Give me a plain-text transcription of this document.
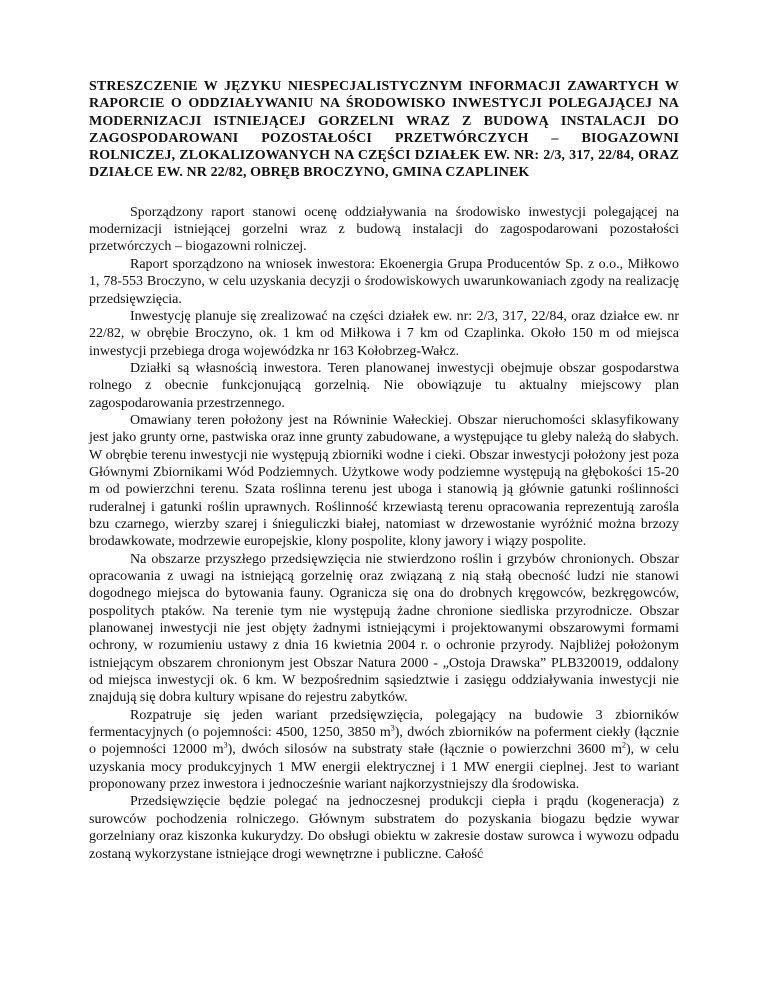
STRESZCZENIE W JĘZYKU NIESPECJALISTYCZNYM INFORMACJI ZAWARTYCH W RAPORCIE O ODDZIAŁYWANIU NA ŚRODOWISKO INWESTYCJI POLEGAJĄCEJ NA MODERNIZACJI ISTNIEJĄCEJ GORZELNI WRAZ Z BUDOWĄ INSTALACJI DO ZAGOSPODAROWANI POZOSTAŁOŚCI PRZETWÓRCZYCH – BIOGAZOWNI ROLNICZEJ, ZLOKALIZOWANYCH NA CZĘŚCI DZIAŁEK EW. NR: 2/3, 317, 22/84, ORAZ DZIAŁCE EW. NR 22/82, OBRĘB BROCZYNO, GMINA CZAPLINEK

Sporządzony raport stanowi ocenę oddziaływania na środowisko inwestycji polegającej na modernizacji istniejącej gorzelni wraz z budową instalacji do zagospodarowani pozostałości przetwórczych – biogazowni rolniczej.

Raport sporządzono na wniosek inwestora: Ekoenergia Grupa Producentów Sp. z o.o., Miłkowo 1, 78-553 Broczyno, w celu uzyskania decyzji o środowiskowych uwarunkowaniach zgody na realizację przedsięwzięcia.

Inwestycję planuje się zrealizować na części działek ew. nr: 2/3, 317, 22/84, oraz działce ew. nr 22/82, w obrębie Broczyno, ok. 1 km od Miłkowa i 7 km od Czaplinka. Około 150 m od miejsca inwestycji przebiega droga wojewódzka nr 163 Kołobrzeg-Wałcz.

Działki są własnością inwestora. Teren planowanej inwestycji obejmuje obszar gospodarstwa rolnego z obecnie funkcjonującą gorzelnią. Nie obowiązuje tu aktualny miejscowy plan zagospodarowania przestrzennego.

Omawiany teren położony jest na Równinie Wałeckiej. Obszar nieruchomości sklasyfikowany jest jako grunty orne, pastwiska oraz inne grunty zabudowane, a występujące tu gleby należą do słabych. W obrębie terenu inwestycji nie występują zbiorniki wodne i cieki. Obszar inwestycji położony jest poza Głównymi Zbiornikami Wód Podziemnych. Użytkowe wody podziemne występują na głębokości 15-20 m od powierzchni terenu. Szata roślinna terenu jest uboga i stanowią ją głównie gatunki roślinności ruderalnej i gatunki roślin uprawnych. Roślinność krzewiastą terenu opracowania reprezentują zarośla bzu czarnego, wierzby szarej i śnieguliczki białej, natomiast w drzewostanie wyróżnić można brzozy brodawkowate, modrzewie europejskie, klony pospolite, klony jawory i wiązy pospolite.

Na obszarze przyszłego przedsięwzięcia nie stwierdzono roślin i grzybów chronionych. Obszar opracowania z uwagi na istniejącą gorzelnię oraz związaną z nią stałą obecność ludzi nie stanowi dogodnego miejsca do bytowania fauny. Ogranicza się ona do drobnych kręgowców, bezkręgowców, pospolitych ptaków. Na terenie tym nie występują żadne chronione siedliska przyrodnicze. Obszar planowanej inwestycji nie jest objęty żadnymi istniejącymi i projektowanymi obszarowymi formami ochrony, w rozumieniu ustawy z dnia 16 kwietnia 2004 r. o ochronie przyrody. Najbliżej położonym istniejącym obszarem chronionym jest Obszar Natura 2000 - „Ostoja Drawska” PLB320019, oddalony od miejsca inwestycji ok. 6 km. W bezpośrednim sąsiedztwie i zasięgu oddziaływania inwestycji nie znajdują się dobra kultury wpisane do rejestru zabytków.

Rozpatruje się jeden wariant przedsięwzięcia, polegający na budowie 3 zbiorników fermentacyjnych (o pojemności: 4500, 1250, 3850 $m^3$), dwóch zbiorników na poferment ciekły (łącznie o pojemności 12000 $m^3$), dwóch silosów na substraty stałe (łącznie o powierzchni 3600 $m^2$), w celu uzyskania mocy produkcyjnych 1 MW energii elektrycznej i 1 MW energii cieplnej. Jest to wariant proponowany przez inwestora i jednocześnie wariant najkorzystniejszy dla środowiska.

Przedsięwzięcie będzie polegać na jednoczesnej produkcji ciepła i prądu (kogeneracja) z surowców pochodzenia rolniczego. Głównym substratem do pozyskania biogazu będzie wywar gorzelniany oraz kiszonka kukurydzy. Do obsługi obiektu w zakresie dostaw surowca i wywozu odpadu zostaną wykorzystane istniejące drogi wewnętrzne i publiczne. Całość
